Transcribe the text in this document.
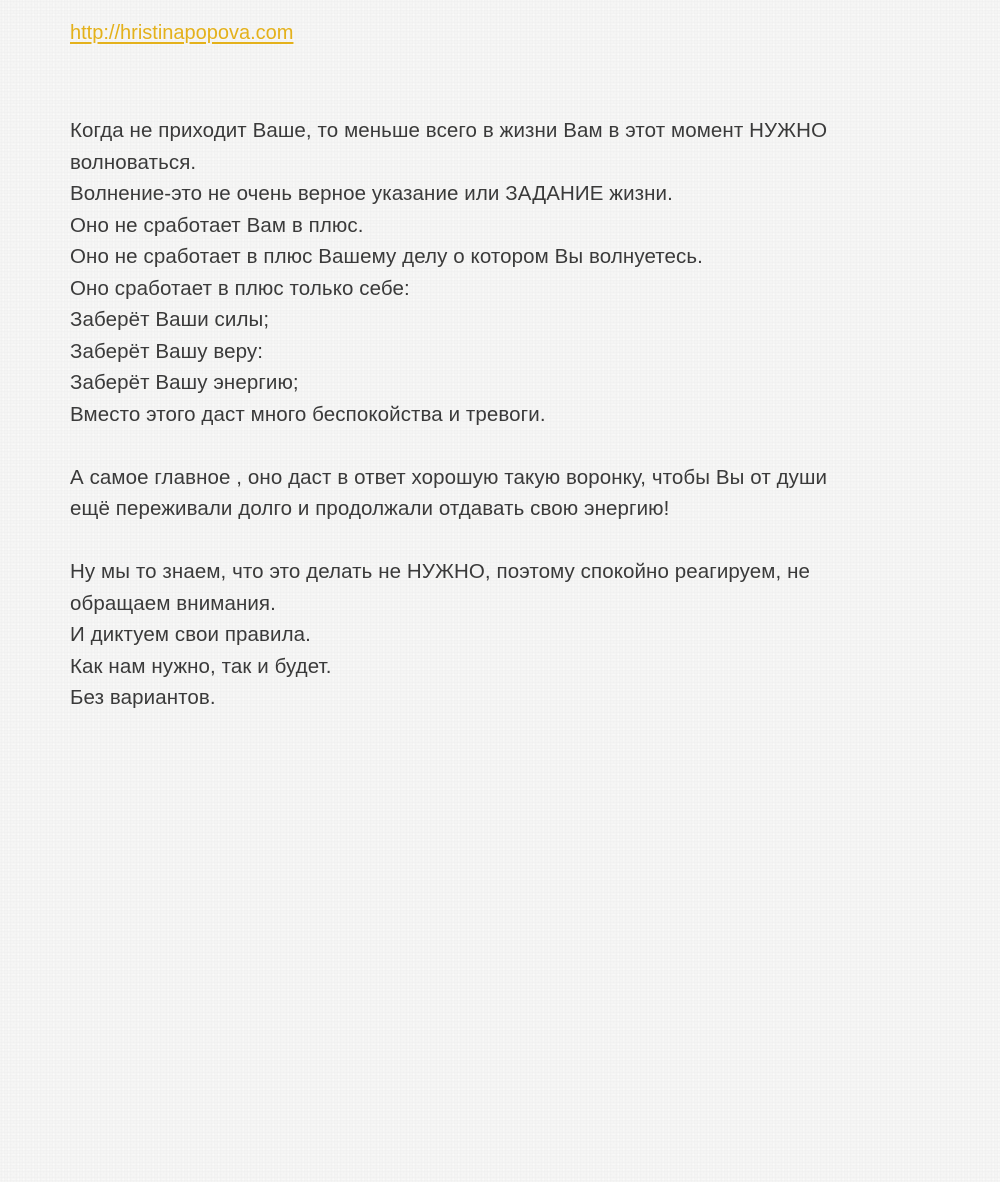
http://hristinapopova.com
Когда не приходит Ваше, то меньше всего в жизни Вам в этот момент НУЖНО
волноваться.
Волнение-это не очень верное указание или ЗАДАНИЕ жизни.
Оно не сработает Вам в плюс.
Оно не сработает в плюс Вашему делу о котором Вы волнуетесь.
Оно сработает в плюс только себе:
Заберёт Ваши силы;
Заберёт Вашу веру:
Заберёт Вашу энергию;
Вместо этого даст много беспокойства и тревоги.
А самое главное , оно даст в ответ хорошую такую воронку, чтобы Вы от души
ещё переживали долго и продолжали отдавать свою энергию!
Ну мы то знаем, что это делать не НУЖНО, поэтому спокойно реагируем, не
обращаем внимания.
И диктуем свои правила.
Как нам нужно, так и будет.
Без вариантов.
